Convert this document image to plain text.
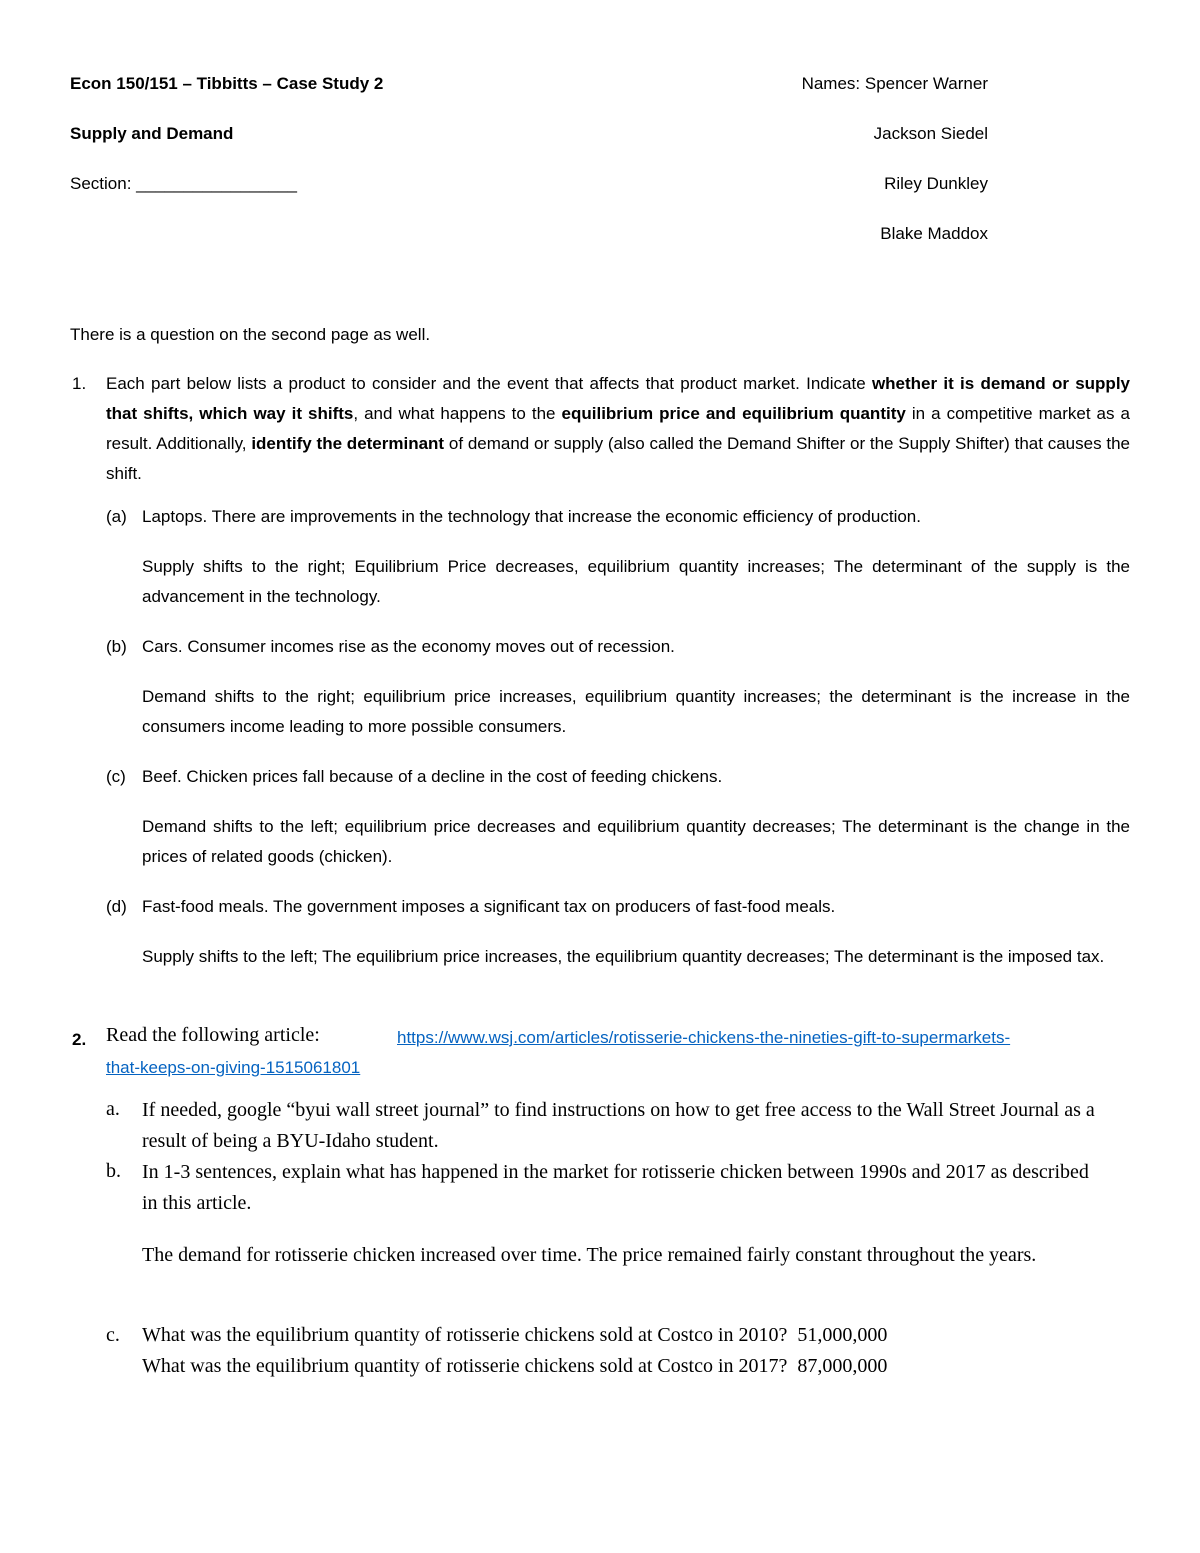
Econ 150/151 – Tibbitts – Case Study 2
Supply and Demand
Section: _________________
Names: Spencer Warner
Jackson Siedel
Riley Dunkley
Blake Maddox
There is a question on the second page as well.
1. Each part below lists a product to consider and the event that affects that product market. Indicate whether it is demand or supply that shifts, which way it shifts, and what happens to the equilibrium price and equilibrium quantity in a competitive market as a result. Additionally, identify the determinant of demand or supply (also called the Demand Shifter or the Supply Shifter) that causes the shift.
(a) Laptops. There are improvements in the technology that increase the economic efficiency of production.
Supply shifts to the right; Equilibrium Price decreases, equilibrium quantity increases; The determinant of the supply is the advancement in the technology.
(b) Cars. Consumer incomes rise as the economy moves out of recession.
Demand shifts to the right; equilibrium price increases, equilibrium quantity increases; the determinant is the increase in the consumers income leading to more possible consumers.
(c) Beef. Chicken prices fall because of a decline in the cost of feeding chickens.
Demand shifts to the left; equilibrium price decreases and equilibrium quantity decreases; The determinant is the change in the prices of related goods (chicken).
(d) Fast-food meals. The government imposes a significant tax on producers of fast-food meals.
Supply shifts to the left; The equilibrium price increases, the equilibrium quantity decreases; The determinant is the imposed tax.
2. Read the following article:	https://www.wsj.com/articles/rotisserie-chickens-the-nineties-gift-to-supermarkets-
that-keeps-on-giving-1515061801
a. If needed, google “byui wall street journal” to find instructions on how to get free access to the Wall Street Journal as a result of being a BYU-Idaho student.
b. In 1-3 sentences, explain what has happened in the market for rotisserie chicken between 1990s and 2017 as described in this article.
The demand for rotisserie chicken increased over time. The price remained fairly constant throughout the years.
c. What was the equilibrium quantity of rotisserie chickens sold at Costco in 2010? 51,000,000
What was the equilibrium quantity of rotisserie chickens sold at Costco in 2017? 87,000,000
